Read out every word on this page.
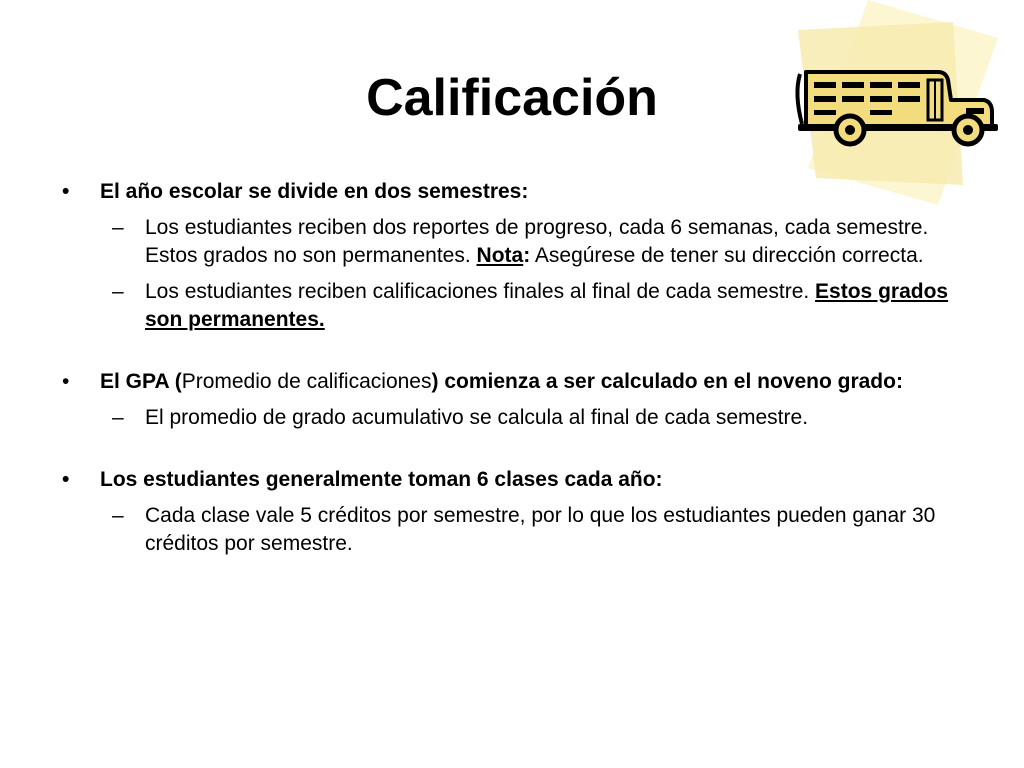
Calificación

•	El año escolar se divide en dos semestres:

– Los estudiantes reciben dos reportes de progreso, cada 6 semanas, cada semestre. Estos grados no son permanentes. Nota: Asegúrese de tener su dirección correcta.

– Los estudiantes reciben calificaciones finales al final de cada semestre. Estos grados son permanentes.

•	El GPA (Promedio de calificaciones) comienza a ser calculado en el noveno grado:

– El promedio de grado acumulativo se calcula al final de cada semestre.

•	Los estudiantes generalmente toman 6 clases cada año:

– Cada clase vale 5 créditos por semestre, por lo que los estudiantes pueden ganar 30 créditos por semestre.
